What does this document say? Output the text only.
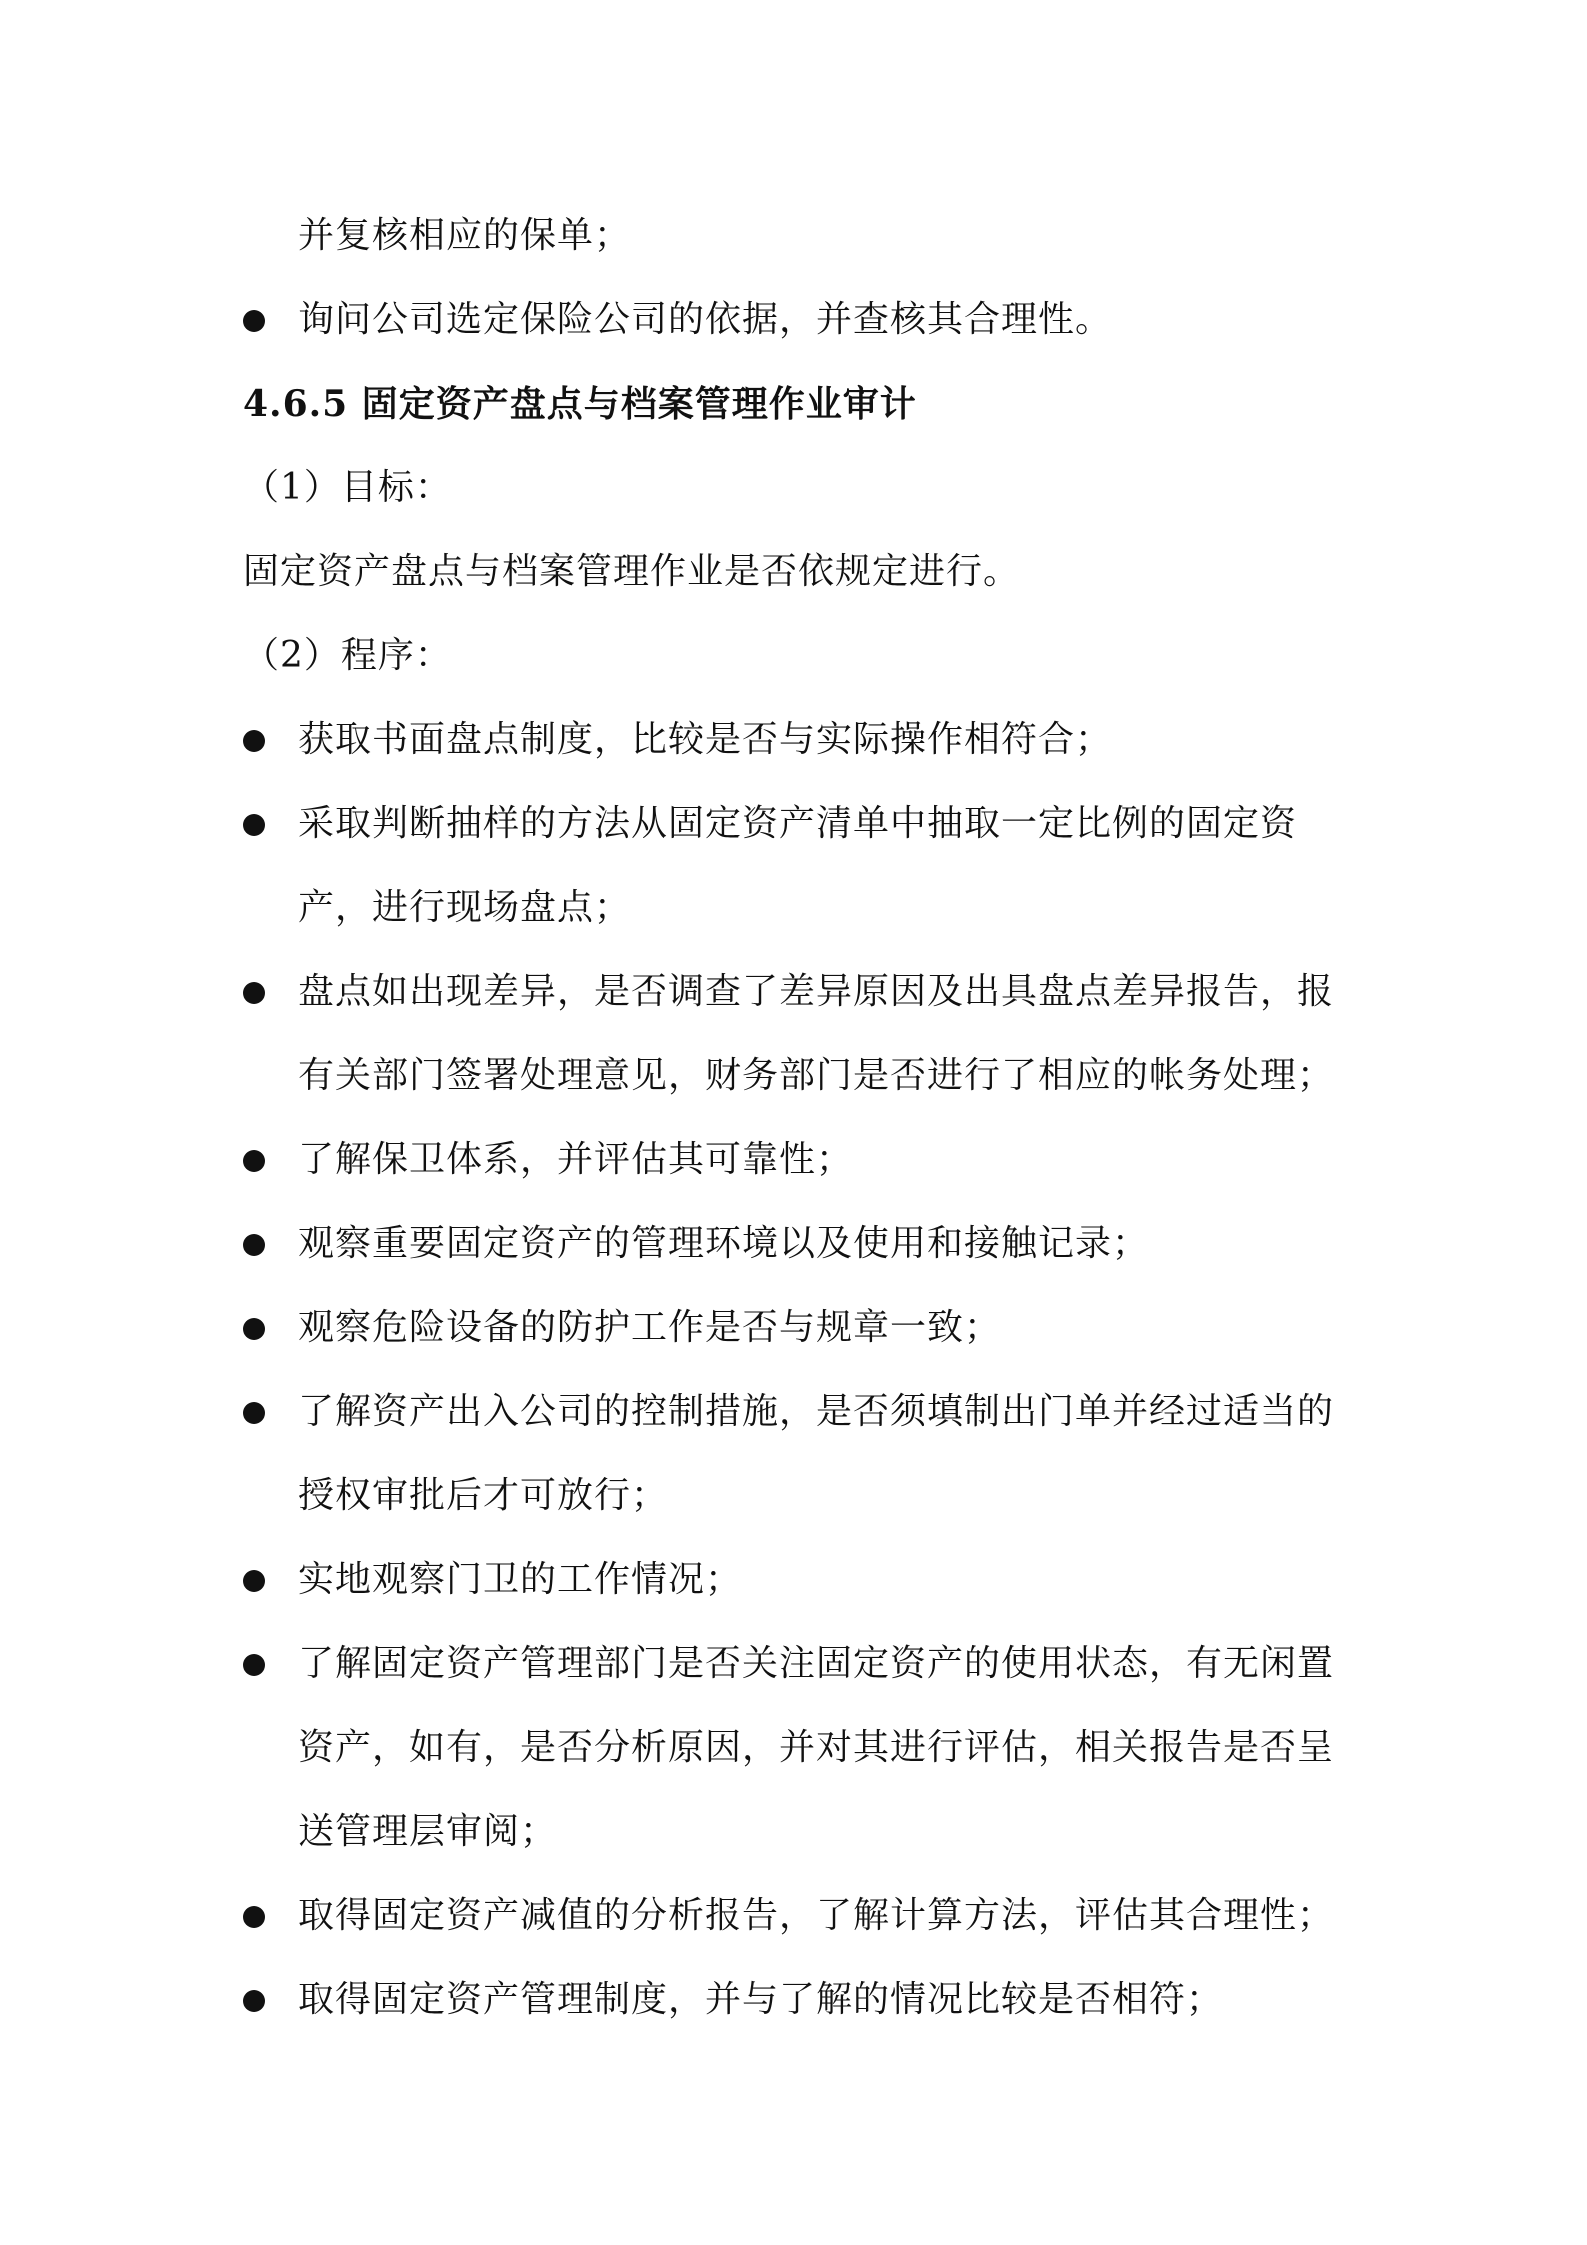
并复核相应的保单；
询问公司选定保险公司的依据，并查核其合理性。
4.6.5 固定资产盘点与档案管理作业审计
（1）目标：
固定资产盘点与档案管理作业是否依规定进行。
（2）程序：
获取书面盘点制度，比较是否与实际操作相符合；
采取判断抽样的方法从固定资产清单中抽取一定比例的固定资
产，进行现场盘点；
盘点如出现差异，是否调查了差异原因及出具盘点差异报告，报
有关部门签署处理意见，财务部门是否进行了相应的帐务处理；
了解保卫体系，并评估其可靠性；
观察重要固定资产的管理环境以及使用和接触记录；
观察危险设备的防护工作是否与规章一致；
了解资产出入公司的控制措施，是否须填制出门单并经过适当的
授权审批后才可放行；
实地观察门卫的工作情况；
了解固定资产管理部门是否关注固定资产的使用状态，有无闲置
资产，如有，是否分析原因，并对其进行评估，相关报告是否呈
送管理层审阅；
取得固定资产减值的分析报告，了解计算方法，评估其合理性；
取得固定资产管理制度，并与了解的情况比较是否相符；
